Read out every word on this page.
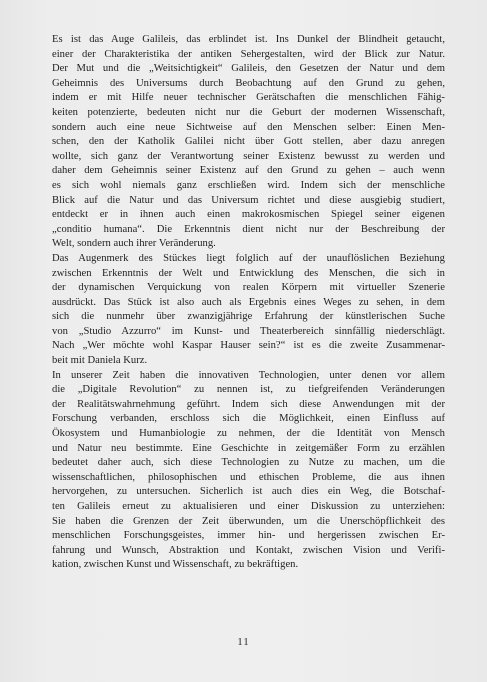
Es ist das Auge Galileis, das erblindet ist. Ins Dunkel der Blindheit getaucht,
einer der Charakteristika der antiken Sehergestalten, wird der Blick zur Natur.
Der Mut und die „Weitsichtigkeit“ Galileis, den Gesetzen der Natur und dem
Geheimnis des Universums durch Beobachtung auf den Grund zu gehen,
indem er mit Hilfe neuer technischer Gerätschaften die menschlichen Fähig-
keiten potenzierte, bedeuten nicht nur die Geburt der modernen Wissenschaft,
sondern auch eine neue Sichtweise auf den Menschen selber: Einen Men-
schen, den der Katholik Galilei nicht über Gott stellen, aber dazu anregen
wollte, sich ganz der Verantwortung seiner Existenz bewusst zu werden und
daher dem Geheimnis seiner Existenz auf den Grund zu gehen – auch wenn
es sich wohl niemals ganz erschließen wird. Indem sich der menschliche
Blick auf die Natur und das Universum richtet und diese ausgiebig studiert,
entdeckt er in ihnen auch einen makrokosmischen Spiegel seiner eigenen
„conditio humana“. Die Erkenntnis dient nicht nur der Beschreibung der
Welt, sondern auch ihrer Veränderung.
Das Augenmerk des Stückes liegt folglich auf der unauflöslichen Beziehung
zwischen Erkenntnis der Welt und Entwicklung des Menschen, die sich in
der dynamischen Verquickung von realen Körpern mit virtueller Szenerie
ausdrückt. Das Stück ist also auch als Ergebnis eines Weges zu sehen, in dem
sich die nunmehr über zwanzigjährige Erfahrung der künstlerischen Suche
von „Studio Azzurro“ im Kunst- und Theaterbereich sinnfällig niederschlägt.
Nach „Wer möchte wohl Kaspar Hauser sein?“ ist es die zweite Zusammenar-
beit mit Daniela Kurz.
In unserer Zeit haben die innovativen Technologien, unter denen vor allem
die „Digitale Revolution“ zu nennen ist, zu tiefgreifenden Veränderungen
der Realitätswahrnehmung geführt. Indem sich diese Anwendungen mit der
Forschung verbanden, erschloss sich die Möglichkeit, einen Einfluss auf
Ökosystem und Humanbiologie zu nehmen, der die Identität von Mensch
und Natur neu bestimmte. Eine Geschichte in zeitgemäßer Form zu erzählen
bedeutet daher auch, sich diese Technologien zu Nutze zu machen, um die
wissenschaftlichen, philosophischen und ethischen Probleme, die aus ihnen
hervorgehen, zu untersuchen. Sicherlich ist auch dies ein Weg, die Botschaf-
ten Galileis erneut zu aktualisieren und einer Diskussion zu unterziehen:
Sie haben die Grenzen der Zeit überwunden, um die Unerschöpflichkeit des
menschlichen Forschungsgeistes, immer hin- und hergerissen zwischen Er-
fahrung und Wunsch, Abstraktion und Kontakt, zwischen Vision und Verifi-
kation, zwischen Kunst und Wissenschaft, zu bekräftigen.
11
